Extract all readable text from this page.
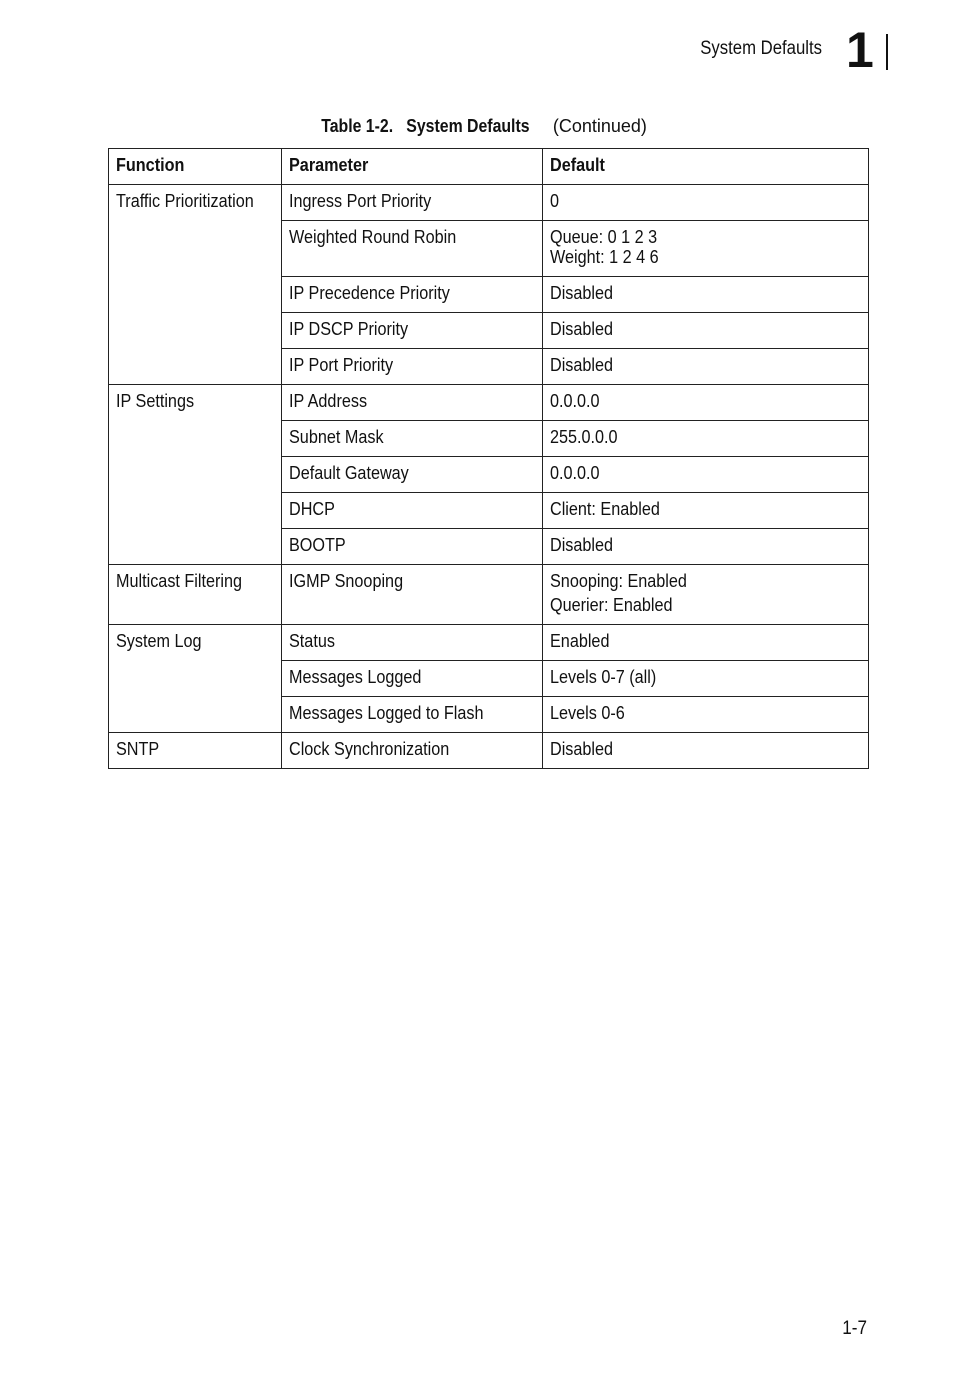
System Defaults 1
Table 1-2.   System Defaults (Continued)
Function	Parameter	Default

Traffic Prioritization	Ingress Port Priority	0

	Weighted Round Robin	Queue: 0 1 2 3
Weight: 1 2 4 6

	IP Precedence Priority	Disabled

	IP DSCP Priority	Disabled

	IP Port Priority	Disabled

IP Settings	IP Address	0.0.0.0

	Subnet Mask	255.0.0.0

	Default Gateway	0.0.0.0

	DHCP	Client: Enabled

	BOOTP	Disabled

Multicast Filtering	IGMP Snooping	Snooping: Enabled
Querier: Enabled

System Log	Status	Enabled

	Messages Logged	Levels 0-7 (all)

	Messages Logged to Flash	Levels 0-6

SNTP	Clock Synchronization	Disabled
1-7
